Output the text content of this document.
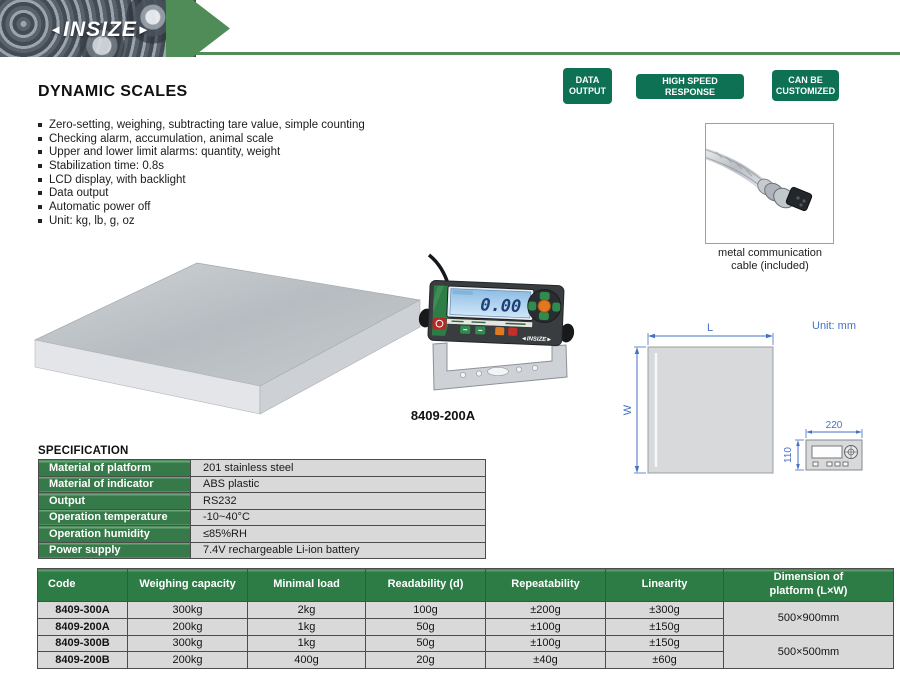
◄INSIZE►
DYNAMIC SCALES
DATA OUTPUT
HIGH SPEED RESPONSE
CAN BE CUSTOMIZED
Zero-setting, weighing, subtracting tare value, simple counting
Checking alarm, accumulation, animal scale
Upper and lower limit alarms: quantity, weight
Stabilization time: 0.8s
LCD display, with backlight
Data output
Automatic power off
Unit: kg, lb, g, oz
metal communication
cable (included)
0.00
◄INSIZE►
8409-200A
L
W
Unit: mm
220
110
SPECIFICATION
Material of platform	201 stainless steel
Material of indicator	ABS plastic
Output	RS232
Operation temperature	-10~40°C
Operation humidity	≤85%RH
Power supply	7.4V rechargeable Li-ion battery
Code	Weighing capacity	Minimal load	Readability (d)	Repeatability	Linearity	Dimension of platform (L×W)
8409-300A	300kg	2kg	100g	±200g	±300g	500×900mm
8409-200A	200kg	1kg	50g	±100g	±150g	
8409-300B	300kg	1kg	50g	±100g	±150g	500×500mm
8409-200B	200kg	400g	20g	±40g	±60g	
